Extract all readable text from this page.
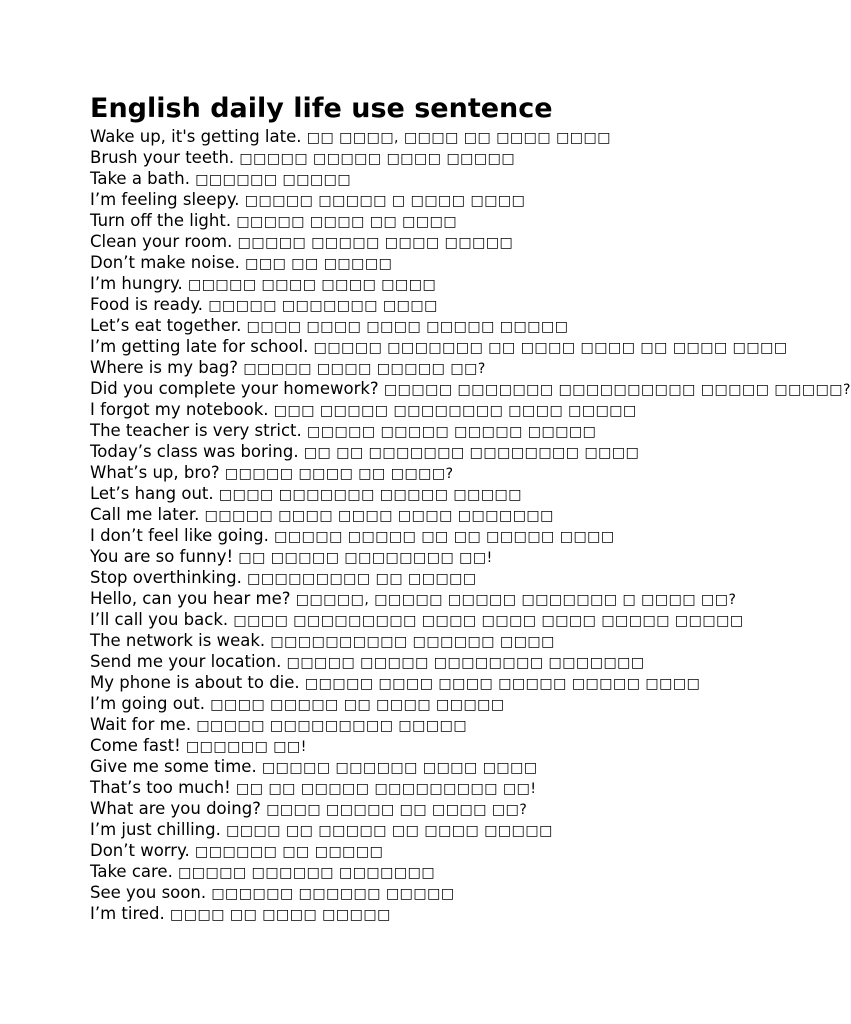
English daily life use sentence
Wake up, it's getting late. □□ □□□□, □□□□ □□ □□□□ □□□□
Brush your teeth. □□□□□ □□□□□ □□□□ □□□□□
Take a bath. □□□□□□ □□□□□
I’m feeling sleepy. □□□□□ □□□□□ □ □□□□ □□□□
Turn off the light. □□□□□ □□□□ □□ □□□□
Clean your room. □□□□□ □□□□□ □□□□ □□□□□
Don’t make noise. □□□ □□ □□□□□
I’m hungry. □□□□□ □□□□ □□□□ □□□□
Food is ready. □□□□□ □□□□□□□ □□□□
Let’s eat together. □□□□ □□□□ □□□□ □□□□□ □□□□□
I’m getting late for school. □□□□□ □□□□□□□ □□ □□□□ □□□□ □□ □□□□ □□□□
Where is my bag? □□□□□ □□□□ □□□□□ □□?
Did you complete your homework? □□□□□ □□□□□□□ □□□□□□□□□□ □□□□□ □□□□□?
I forgot my notebook. □□□ □□□□□ □□□□□□□□ □□□□ □□□□□
The teacher is very strict. □□□□□ □□□□□ □□□□□ □□□□□
Today’s class was boring. □□ □□ □□□□□□□ □□□□□□□□ □□□□
What’s up, bro? □□□□□ □□□□ □□ □□□□?
Let’s hang out. □□□□ □□□□□□□ □□□□□ □□□□□
Call me later. □□□□□ □□□□ □□□□ □□□□ □□□□□□□
I don’t feel like going. □□□□□ □□□□□ □□ □□ □□□□□ □□□□
You are so funny! □□ □□□□□ □□□□□□□□ □□!
Stop overthinking. □□□□□□□□□ □□ □□□□□
Hello, can you hear me? □□□□□, □□□□□ □□□□□ □□□□□□□ □ □□□□ □□?
I’ll call you back. □□□□ □□□□□□□□□ □□□□ □□□□ □□□□ □□□□□ □□□□□
The network is weak. □□□□□□□□□□ □□□□□□ □□□□
Send me your location. □□□□□ □□□□□ □□□□□□□□ □□□□□□□
My phone is about to die. □□□□□ □□□□ □□□□ □□□□□ □□□□□ □□□□
I’m going out. □□□□ □□□□□ □□ □□□□ □□□□□
Wait for me. □□□□□ □□□□□□□□□ □□□□□
Come fast! □□□□□□ □□!
Give me some time. □□□□□ □□□□□□ □□□□ □□□□
That’s too much! □□ □□ □□□□□ □□□□□□□□□ □□!
What are you doing? □□□□ □□□□□ □□ □□□□ □□?
I’m just chilling. □□□□ □□ □□□□□ □□ □□□□ □□□□□
Don’t worry. □□□□□□ □□ □□□□□
Take care. □□□□□ □□□□□□ □□□□□□□
See you soon. □□□□□□ □□□□□□ □□□□□
I’m tired. □□□□ □□ □□□□ □□□□□
